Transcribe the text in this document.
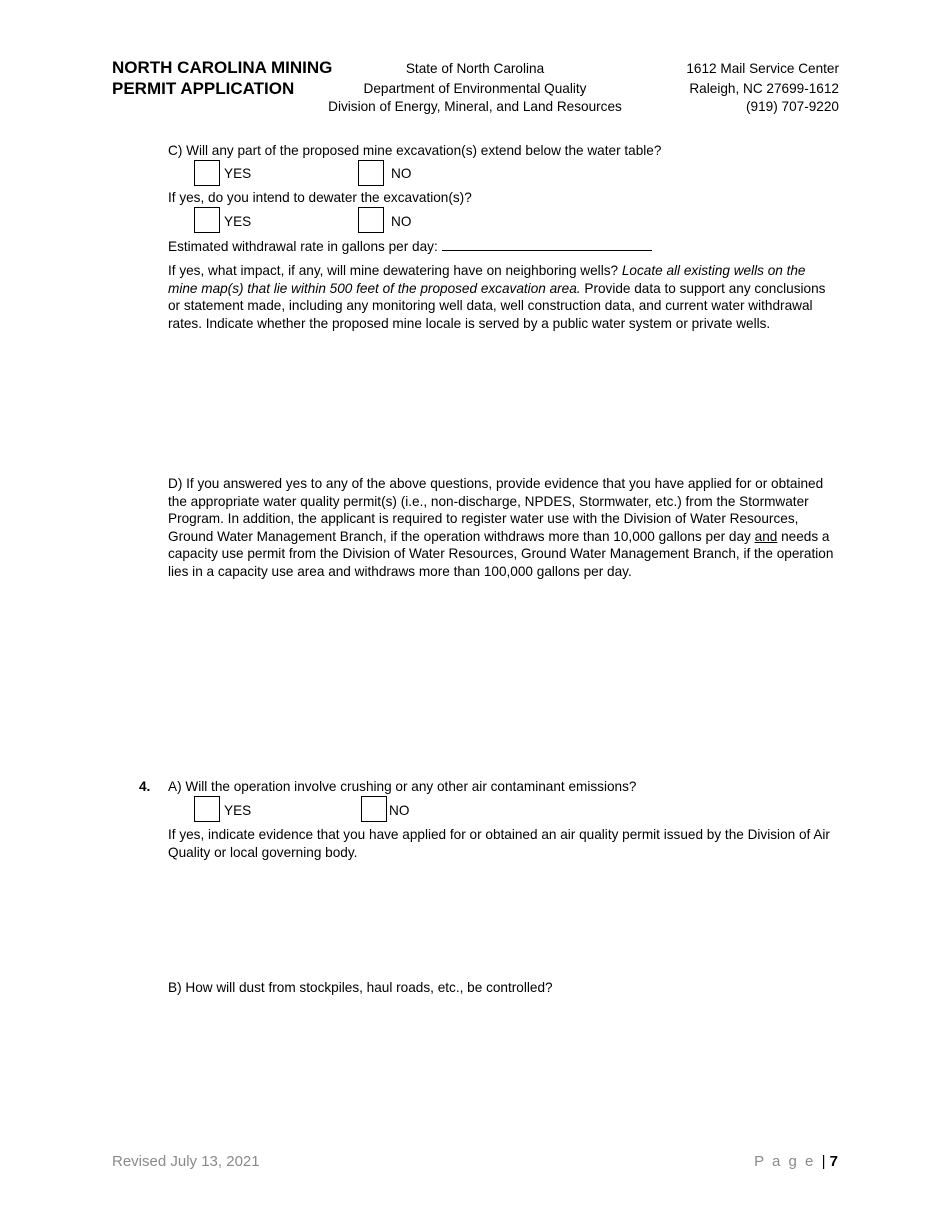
NORTH CAROLINA MINING
PERMIT APPLICATION
State of North Carolina
Department of Environmental Quality
Division of Energy, Mineral, and Land Resources
1612 Mail Service Center
Raleigh, NC 27699-1612
(919) 707-9220
C) Will any part of the proposed mine excavation(s) extend below the water table?
YES	NO
If yes, do you intend to dewater the excavation(s)?
YES	NO
Estimated withdrawal rate in gallons per day:
If yes, what impact, if any, will mine dewatering have on neighboring wells? Locate all existing wells on the mine map(s) that lie within 500 feet of the proposed excavation area. Provide data to support any conclusions or statement made, including any monitoring well data, well construction data, and current water withdrawal rates. Indicate whether the proposed mine locale is served by a public water system or private wells.
D) If you answered yes to any of the above questions, provide evidence that you have applied for or obtained the appropriate water quality permit(s) (i.e., non-discharge, NPDES, Stormwater, etc.) from the Stormwater Program. In addition, the applicant is required to register water use with the Division of Water Resources, Ground Water Management Branch, if the operation withdraws more than 10,000 gallons per day and needs a capacity use permit from the Division of Water Resources, Ground Water Management Branch, if the operation lies in a capacity use area and withdraws more than 100,000 gallons per day.
4. A) Will the operation involve crushing or any other air contaminant emissions?
YES	NO
If yes, indicate evidence that you have applied for or obtained an air quality permit issued by the Division of Air Quality or local governing body.
B) How will dust from stockpiles, haul roads, etc., be controlled?
Revised July 13, 2021	P a g e | 7
